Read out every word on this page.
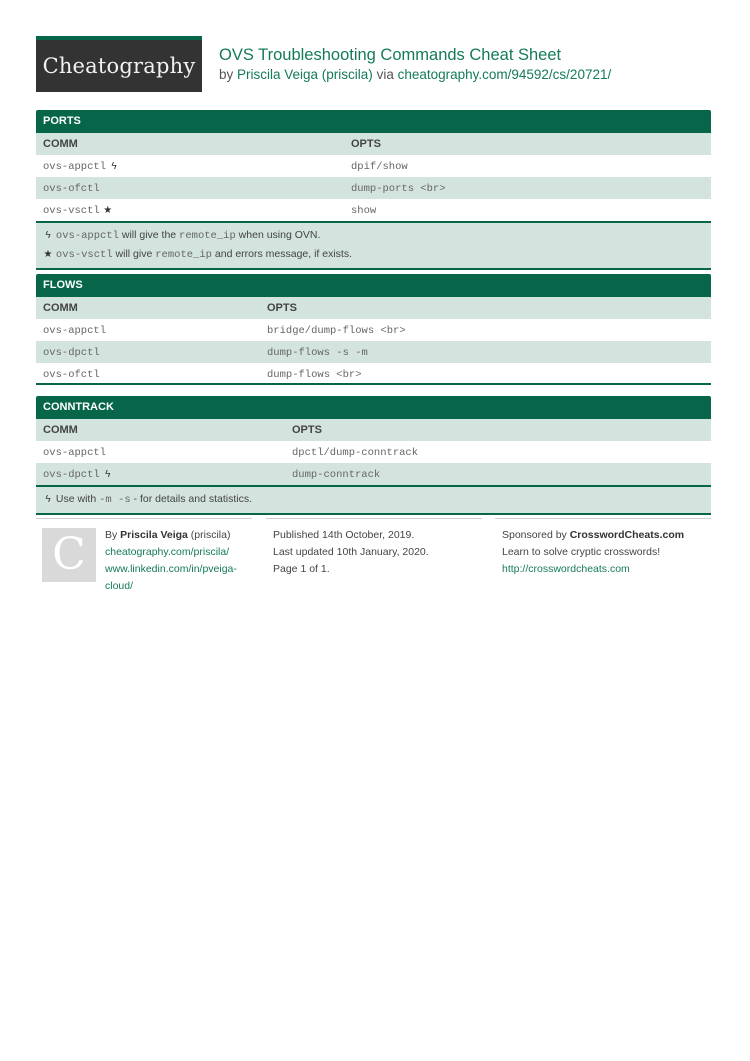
Cheatography OVS Troubleshooting Commands Cheat Sheet
by Priscila Veiga (priscila) via cheatography.com/94592/cs/20721/
PORTS
COMM	OPTS
ovs-appctl ϟ	dpif/show
ovs-ofctl	dump-ports <br>
ovs-vsctl ★	show
ϟ ovs-appctl will give the remote_ip when using OVN.
★ ovs-vsctl will give remote_ip and errors message, if exists.
FLOWS
COMM	OPTS
ovs-appctl	bridge/dump-flows <br>
ovs-dpctl	dump-flows -s -m
ovs-ofctl	dump-flows <br>
CONNTRACK
COMM	OPTS
ovs-appctl	dpctl/dump-conntrack
ovs-dpctl ϟ	dump-conntrack
ϟ Use with -m -s - for details and statistics.
C By Priscila Veiga (priscila)
cheatography.com/priscila/
www.linkedin.com/in/pveiga-
cloud/
Published 14th October, 2019.
Last updated 10th January, 2020.
Page 1 of 1.
Sponsored by CrosswordCheats.com
Learn to solve cryptic crosswords!
http://crosswordcheats.com
